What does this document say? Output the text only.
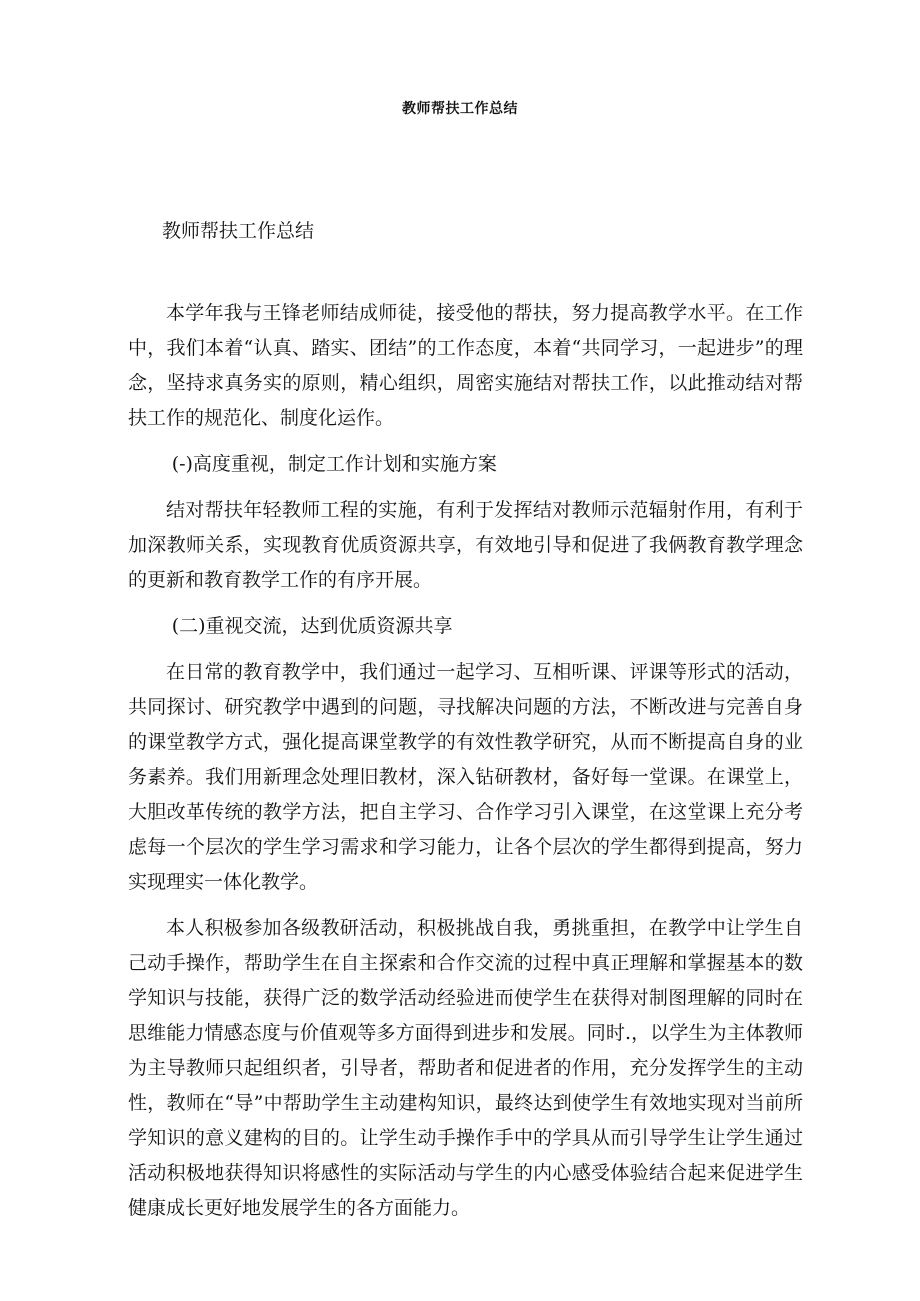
教师帮扶工作总结
教师帮扶工作总结

本学年我与王锋老师结成师徒，接受他的帮扶，努力提高教学水平。在工作中，我们本着“认真、踏实、团结”的工作态度，本着“共同学习，一起进步”的理念，坚持求真务实的原则，精心组织，周密实施结对帮扶工作，以此推动结对帮扶工作的规范化、制度化运作。

(-)高度重视，制定工作计划和实施方案

结对帮扶年轻教师工程的实施，有利于发挥结对教师示范辐射作用，有利于加深教师关系，实现教育优质资源共享，有效地引导和促进了我俩教育教学理念的更新和教育教学工作的有序开展。

(二)重视交流，达到优质资源共享

在日常的教育教学中，我们通过一起学习、互相听课、评课等形式的活动，共同探讨、研究教学中遇到的问题，寻找解决问题的方法，不断改进与完善自身的课堂教学方式，强化提高课堂教学的有效性教学研究，从而不断提高自身的业务素养。我们用新理念处理旧教材，深入钻研教材，备好每一堂课。在课堂上，大胆改革传统的教学方法，把自主学习、合作学习引入课堂，在这堂课上充分考虑每一个层次的学生学习需求和学习能力，让各个层次的学生都得到提高，努力实现理实一体化教学。

本人积极参加各级教研活动，积极挑战自我，勇挑重担，在教学中让学生自己动手操作，帮助学生在自主探索和合作交流的过程中真正理解和掌握基本的数学知识与技能，获得广泛的数学活动经验进而使学生在获得对制图理解的同时在思维能力情感态度与价值观等多方面得到进步和发展。同时.，以学生为主体教师为主导教师只起组织者，引导者，帮助者和促进者的作用，充分发挥学生的主动性，教师在“导”中帮助学生主动建构知识，最终达到使学生有效地实现对当前所学知识的意义建构的目的。让学生动手操作手中的学具从而引导学生让学生通过活动积极地获得知识将感性的实际活动与学生的内心感受体验结合起来促进学生健康成长更好地发展学生的各方面能力。
